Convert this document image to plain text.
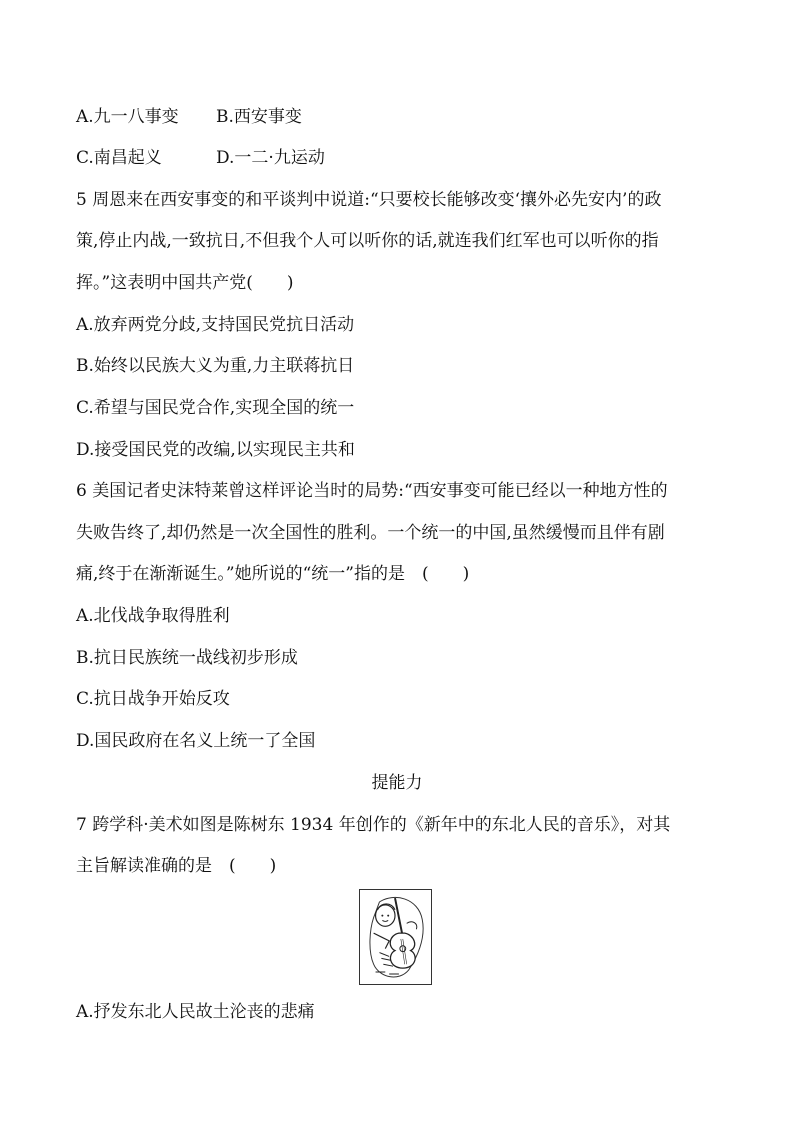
A.九一八事变 B.西安事变
C.南昌起义	D.一二·九运动
5 周恩来在西安事变的和平谈判中说道:“只要校长能够改变‘攘外必先安内’的政
策,停止内战,一致抗日,不但我个人可以听你的话,就连我们红军也可以听你的指
挥。”这表明中国共产党(　　)
A.放弃两党分歧,支持国民党抗日活动
B.始终以民族大义为重,力主联蒋抗日
C.希望与国民党合作,实现全国的统一
D.接受国民党的改编,以实现民主共和
6 美国记者史沫特莱曾这样评论当时的局势:“西安事变可能已经以一种地方性的
失败告终了,却仍然是一次全国性的胜利。一个统一的中国,虽然缓慢而且伴有剧
痛,终于在渐渐诞生。”她所说的“统一”指的是　(　　)
A.北伐战争取得胜利
B.抗日民族统一战线初步形成
C.抗日战争开始反攻
D.国民政府在名义上统一了全国
提能力
7 跨学科·美术如图是陈树东 1934 年创作的《新年中的东北人民的音乐》，对其
主旨解读准确的是　(　　)
A.抒发东北人民故土沦丧的悲痛
